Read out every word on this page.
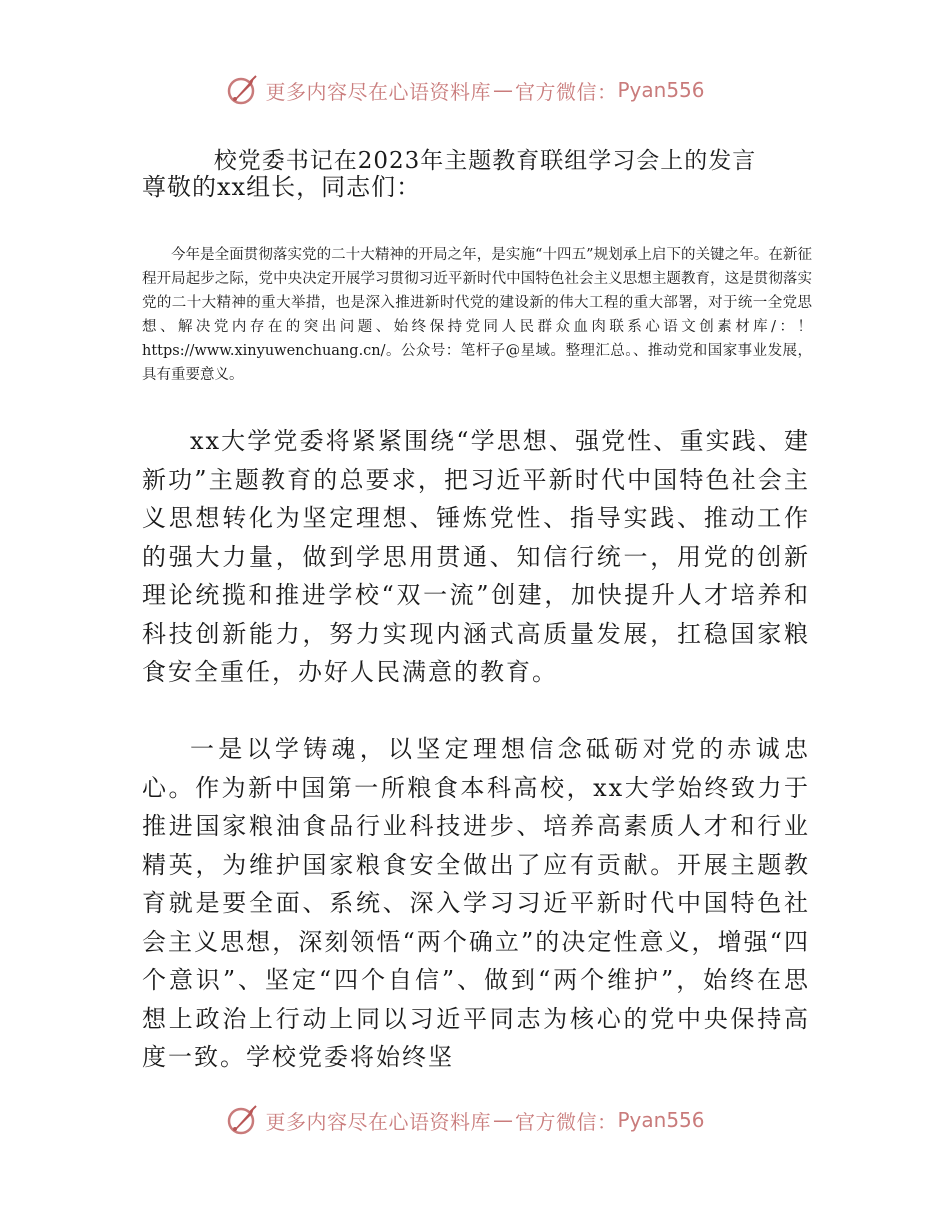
更多内容尽在心语资料库 — 官方微信： Pyan556
校党委书记在2023年主题教育联组学习会上的发言
尊敬的xx组长，同志们：

今年是全面贯彻落实党的二十大精神的开局之年，是实施“十四五”规划承上启下的关键之年。在新征程开局起步之际，党中央决定开展学习贯彻习近平新时代中国特色社会主义思想主题教育，这是贯彻落实党的二十大精神的重大举措，也是深入推进新时代党的建设新的伟大工程的重大部署，对于统一全党思想、解决党内存在的突出问题、始终保持党同人民群众血肉联系心语文创素材库/：！https://www.xinyuwenchuang.cn/。公众号：笔杆子@星域。整理汇总。、推动党和国家事业发展，具有重要意义。

xx大学党委将紧紧围绕“学思想、强党性、重实践、建新功”主题教育的总要求，把习近平新时代中国特色社会主义思想转化为坚定理想、锤炼党性、指导实践、推动工作的强大力量，做到学思用贯通、知信行统一，用党的创新理论统揽和推进学校“双一流”创建，加快提升人才培养和科技创新能力，努力实现内涵式高质量发展，扛稳国家粮食安全重任，办好人民满意的教育。

一是以学铸魂，以坚定理想信念砥砺对党的赤诚忠心。作为新中国第一所粮食本科高校，xx大学始终致力于推进国家粮油食品行业科技进步、培养高素质人才和行业精英，为维护国家粮食安全做出了应有贡献。开展主题教育就是要全面、系统、深入学习习近平新时代中国特色社会主义思想，深刻领悟“两个确立”的决定性意义，增强“四个意识”、坚定“四个自信”、做到“两个维护”，始终在思想上政治上行动上同以习近平同志为核心的党中央保持高度一致。学校党委将始终坚

更多内容尽在心语资料库 — 官方微信： Pyan556
